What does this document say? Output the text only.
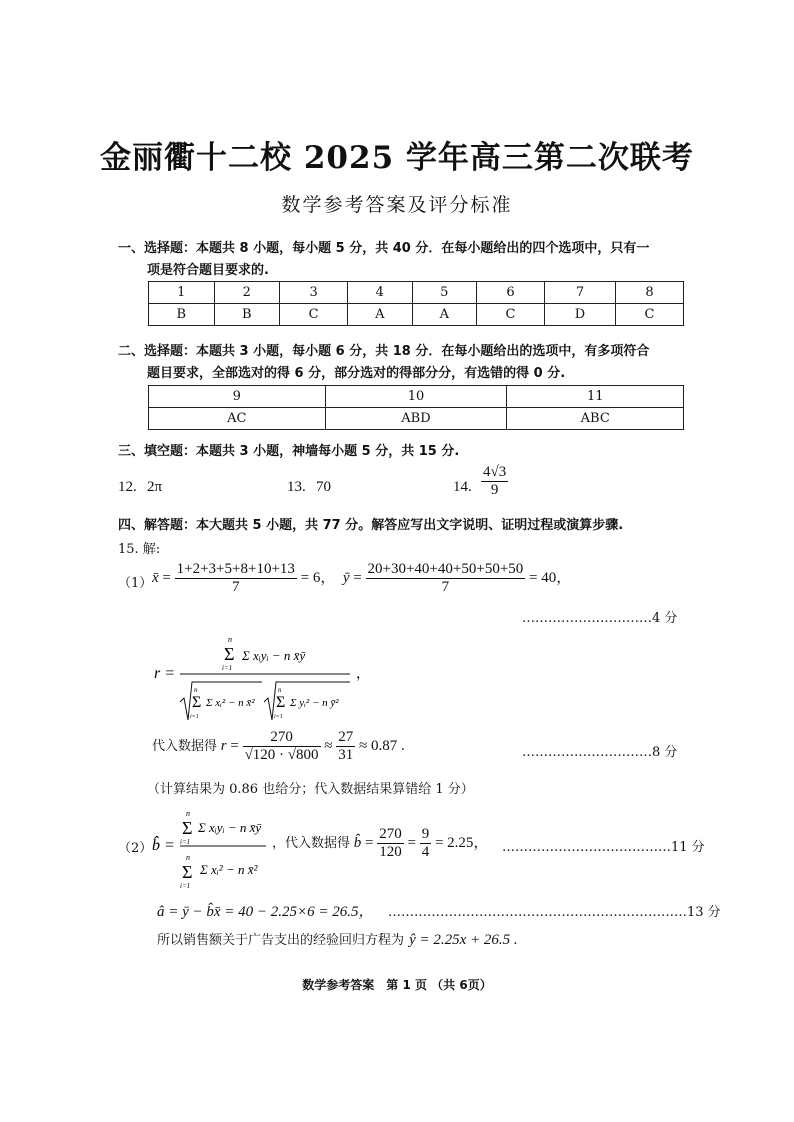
金丽衢十二校 2025 学年高三第二次联考
数学参考答案及评分标准
一、选择题：本题共 8 小题，每小题 5 分，共 40 分．在每小题给出的四个选项中，只有一
项是符合题目要求的.
1	2	3	4	5	6	7	8
B	B	C	A	A	C	D	C
二、选择题：本题共 3 小题，每小题 6 分，共 18 分．在每小题给出的选项中，有多项符合
题目要求，全部选对的得 6 分，部分选对的得部分分，有选错的得 0 分.
9	10	11
AC	ABD	ABC
三、填空题：本题共 3 小题，神墙每小题 5 分，共 15 分.
12. 2π	13. 70	14. $\frac{4√3}{9}$
四、解答题：本大题共 5 小题，共 77 分。解答应写出文字说明、证明过程或演算步骤.
15. 解:
（1） x̄ = $\frac{1+2+3+5+8+10+13}{7} = 6$， ȳ = $\frac{20+30+40+40+50+50+50}{7} = 40$，
…………………………4 分
r =
n
Σ
i=1
Σ xᵢyᵢ − n x̄ȳ
n
Σ
i=1
Σ xᵢ² − n x̄²
n
Σ
i=1
Σ yᵢ² − n ȳ²
，
代入数据得 $r = \frac{270}{√120 \cdot √800} \approx \frac{27}{31} \approx 0.87$ .	…………………………8 分
（计算结果为 0.86 也给分；代入数据结果算错给 1 分）
（2） b̂ =
n
Σ
i=1
Σ xᵢyᵢ − n x̄ȳ
n
Σ
i=1
Σ xᵢ² − n x̄²
，代入数据得 b̂ = $\frac{270}{120} = \frac{9}{4} = 2.25$， …………………………………11 分
â = ȳ − b̂x̄ = 40 − 2.25×6 = 26.5， ……………………………………………………………13 分
所以销售额关于广告支出的经验回归方程为 ŷ = 2.25x + 26.5 .
数学参考答案　第 1 页 （共 6页）
